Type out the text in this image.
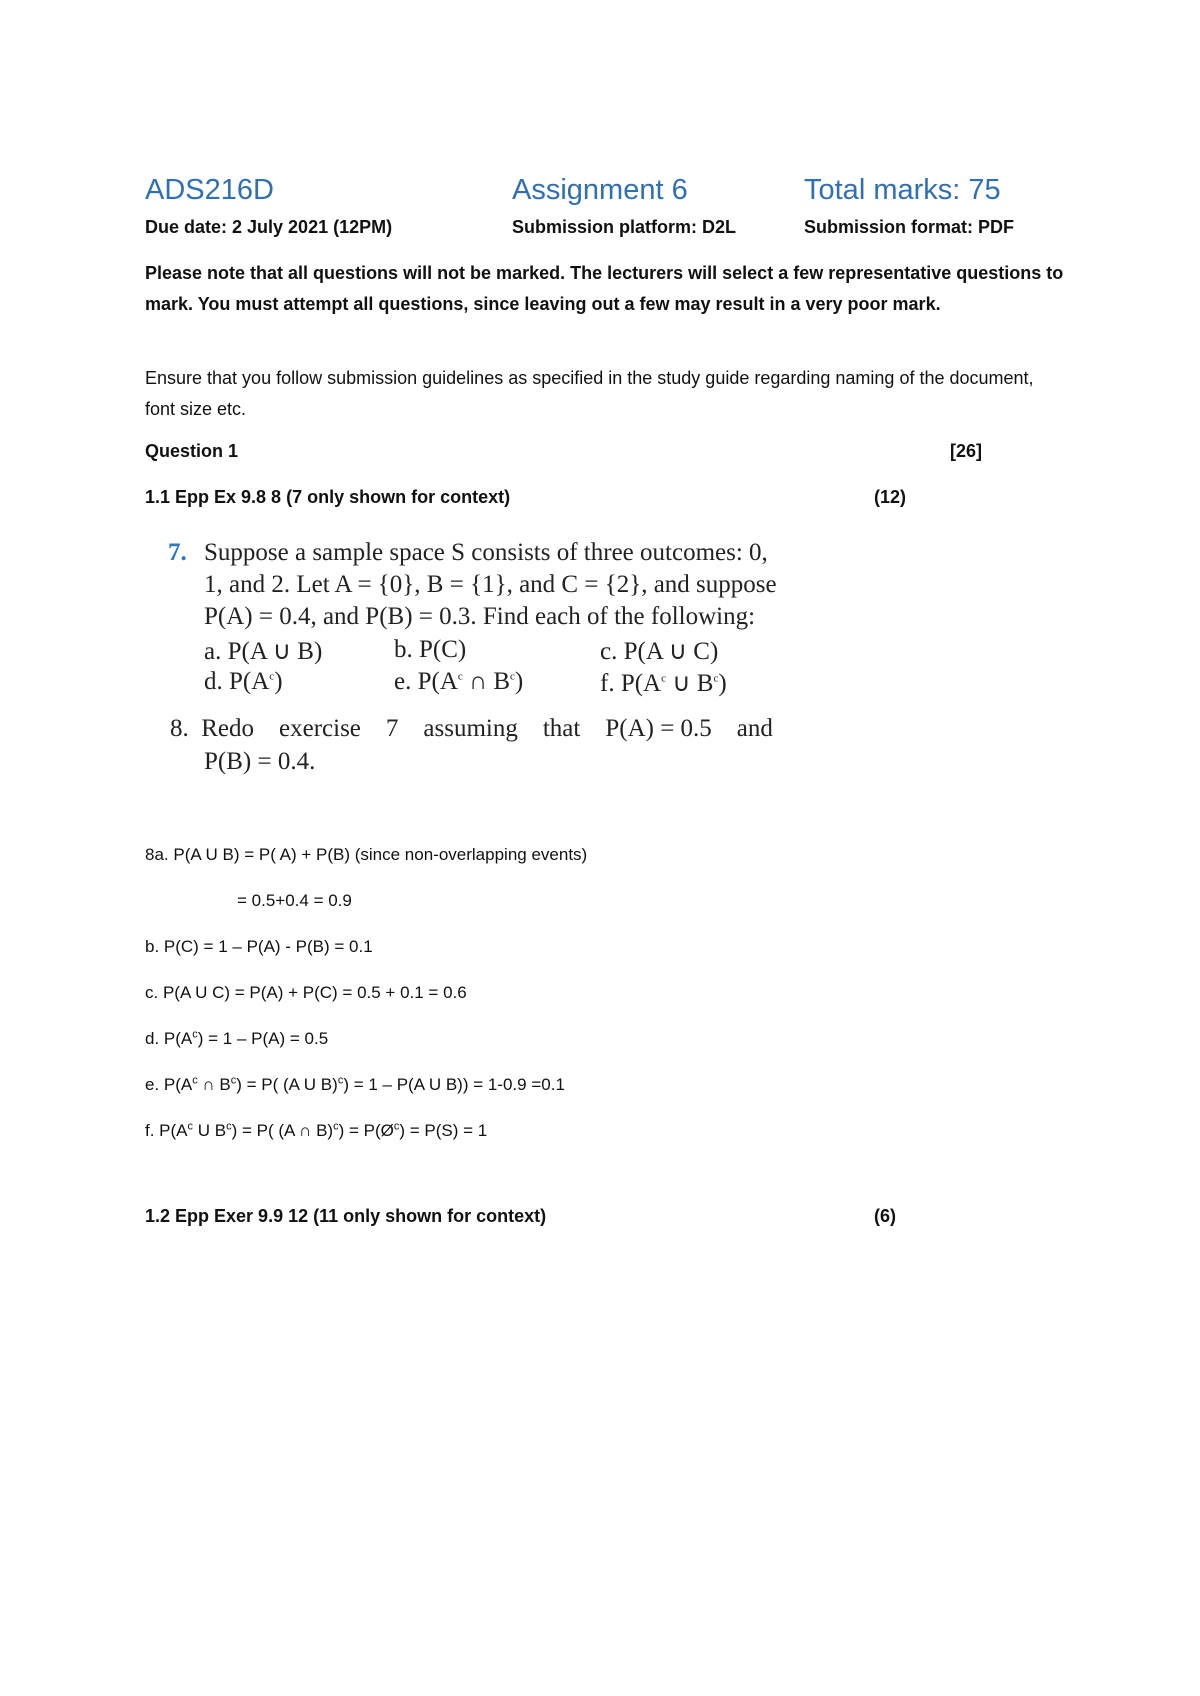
ADS216D	Assignment 6	Total marks: 75
Due date: 2 July 2021 (12PM)	Submission platform: D2L	Submission format: PDF
Please note that all questions will not be marked. The lecturers will select a few representative questions to mark. You must attempt all questions, since leaving out a few may result in a very poor mark.
Ensure that you follow submission guidelines as specified in the study guide regarding naming of the document, font size etc.
Question 1	[26]
1.1 Epp Ex 9.8 8 (7 only shown for context)	(12)
7. Suppose a sample space S consists of three outcomes: 0,
1, and 2. Let A = {0}, B = {1}, and C = {2}, and suppose
P(A) = 0.4, and P(B) = 0.3. Find each of the following:
a. P(A ∪ B)	b. P(C)	c. P(A ∪ C)
d. $P(A^c)$	e. $P(A^c$ ∩ $B^c$)	f. $P(A^c$ ∪ $B^c$)
8.  Redo    exercise    7    assuming    that    P(A) = 0.5    and
P(B) = 0.4.
8a. P(A U B) = P( A) + P(B) (since non-overlapping events)
= 0.5+0.4 = 0.9
b. P(C) = 1 – P(A) - P(B) = 0.1
c. P(A U C) = P(A) + P(C) = 0.5 + 0.1 = 0.6
d. $P(A^c) = 1 - P(A) = 0.5$
e. $P(A^c$ ∩ $B^c) = P$( (A U B)$^c$) = 1 – P(A U B)) = 1-0.9 =0.1
f. $P(A^c$ U $B^c) = P$( (A ∩ $B)^c) = P(Ø^c) = P(S) = 1$
1.2 Epp Exer 9.9 12 (11 only shown for context)	(6)
